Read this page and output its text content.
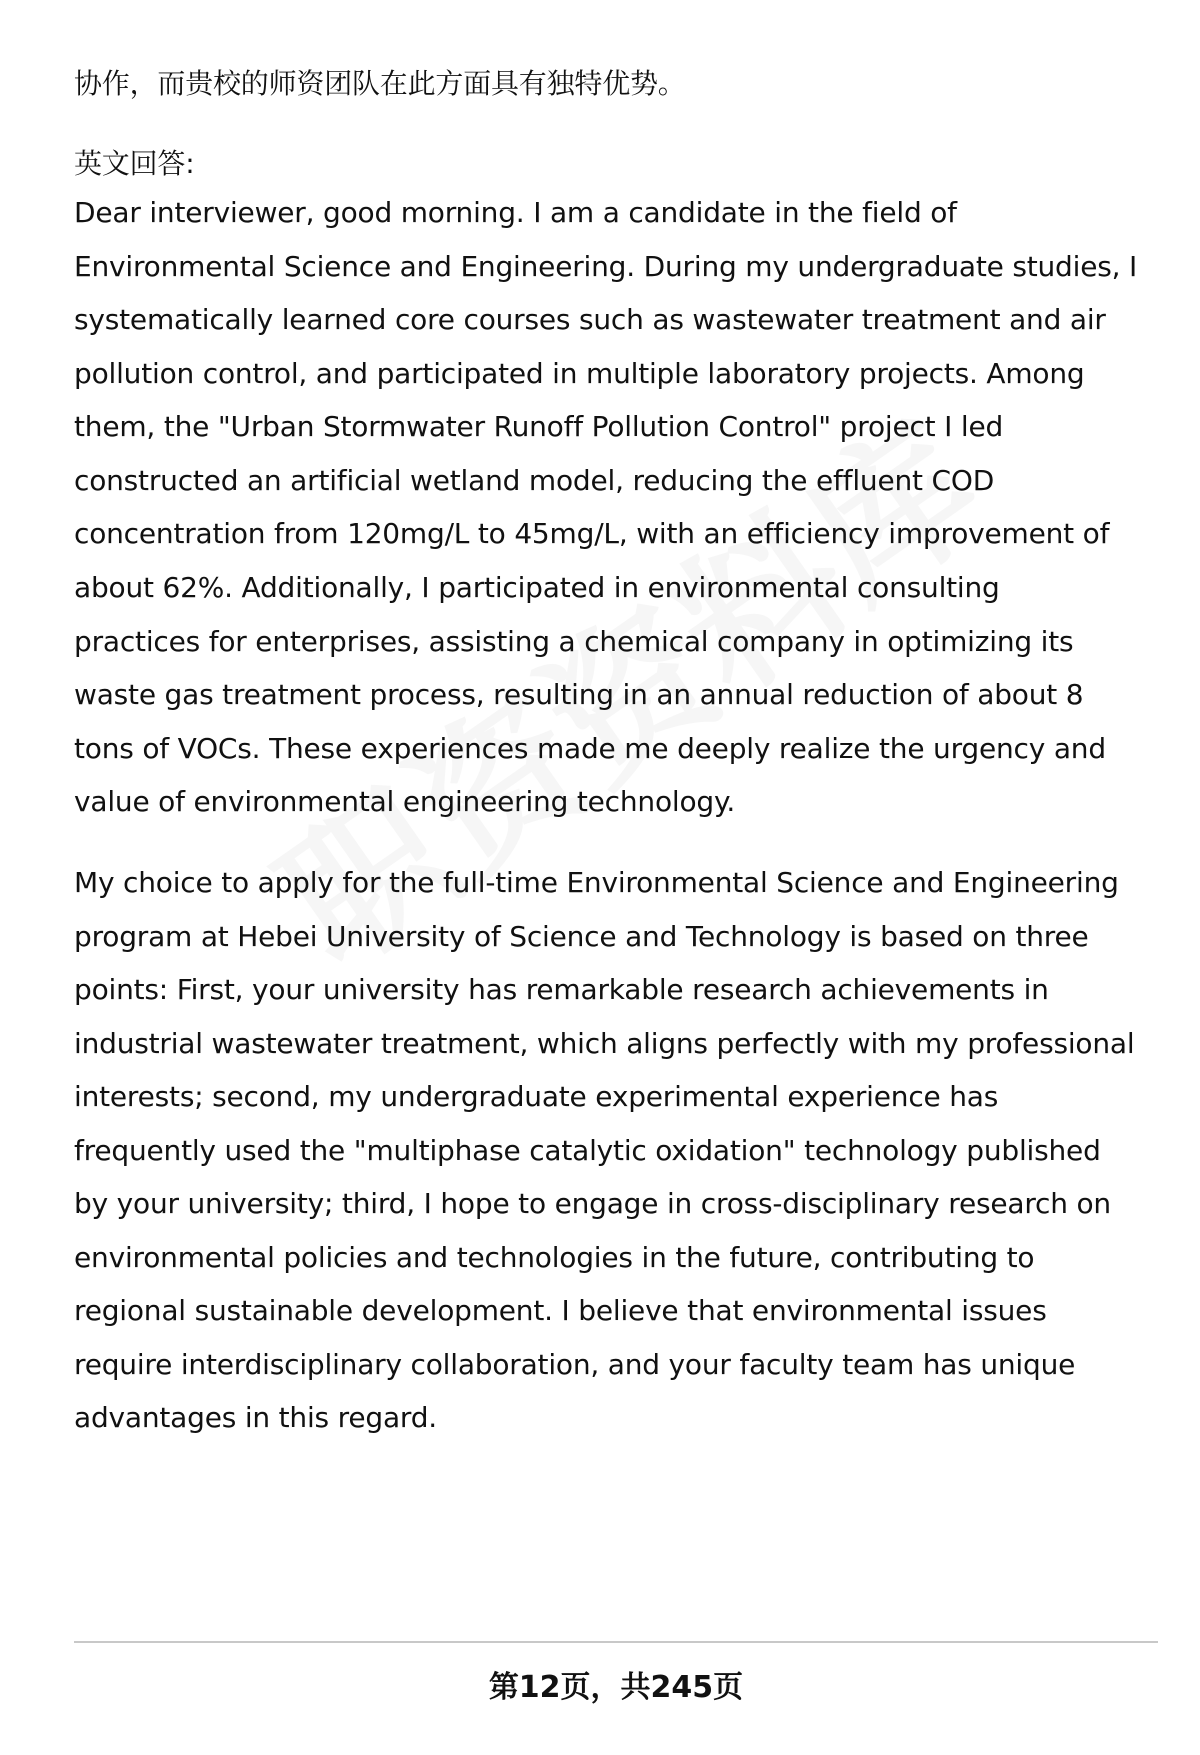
协作，而贵校的师资团队在此方面具有独特优势。
英文回答:
Dear interviewer, good morning. I am a candidate in the field of
Environmental Science and Engineering. During my undergraduate studies, I
systematically learned core courses such as wastewater treatment and air
pollution control, and participated in multiple laboratory projects. Among
them, the "Urban Stormwater Runoff Pollution Control" project I led
constructed an artificial wetland model, reducing the effluent COD
concentration from 120mg/L to 45mg/L, with an efficiency improvement of
about 62%. Additionally, I participated in environmental consulting
practices for enterprises, assisting a chemical company in optimizing its
waste gas treatment process, resulting in an annual reduction of about 8
tons of VOCs. These experiences made me deeply realize the urgency and
value of environmental engineering technology.
My choice to apply for the full-time Environmental Science and Engineering
program at Hebei University of Science and Technology is based on three
points: First, your university has remarkable research achievements in
industrial wastewater treatment, which aligns perfectly with my professional
interests; second, my undergraduate experimental experience has
frequently used the "multiphase catalytic oxidation" technology published
by your university; third, I hope to engage in cross-disciplinary research on
environmental policies and technologies in the future, contributing to
regional sustainable development. I believe that environmental issues
require interdisciplinary collaboration, and your faculty team has unique
advantages in this regard.
第12页，共245页
